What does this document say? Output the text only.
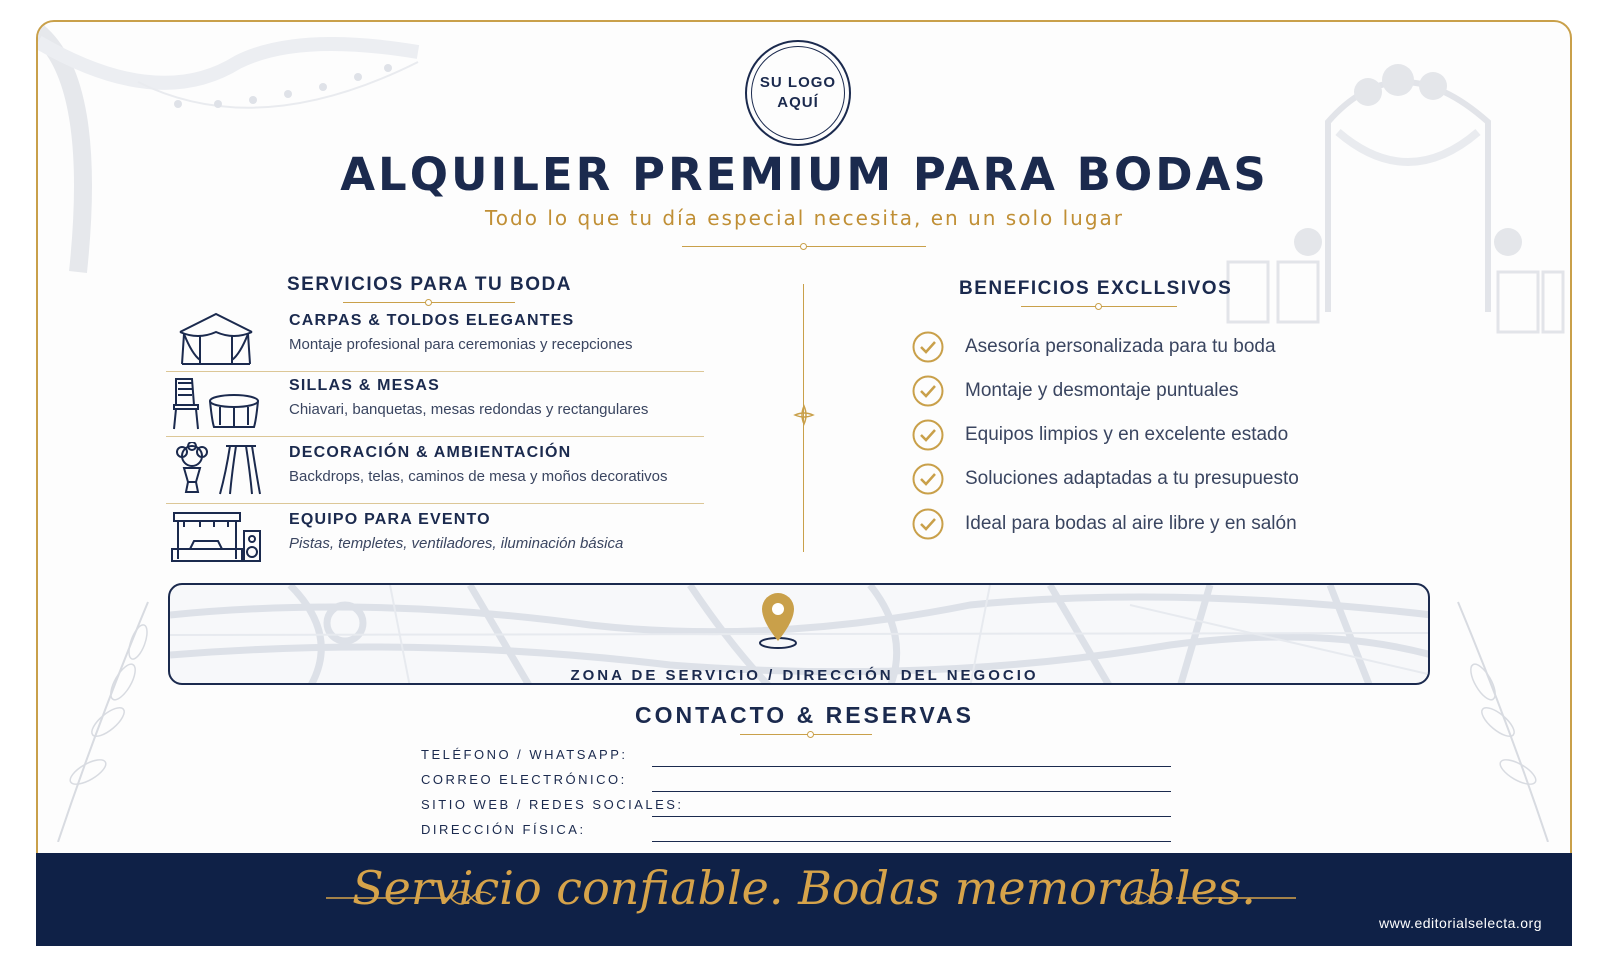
SU LOGO
AQUÍ
ALQUILER PREMIUM PARA BODAS
Todo lo que tu día especial necesita, en un solo lugar
SERVICIOS PARA TU BODA
CARPAS & TOLDOS ELEGANTES
Montaje profesional para ceremonias y recepciones
SILLAS & MESAS
Chiavari, banquetas, mesas redondas y rectangulares
DECORACIÓN & AMBIENTACIÓN
Backdrops, telas, caminos de mesa y moños decorativos
EQUIPO PARA EVENTO
Pistas, templetes, ventiladores, iluminación básica
BENEFICIOS EXCLLSIVOS
Asesoría personalizada para tu boda
Montaje y desmontaje puntuales
Equipos limpios y en excelente estado
Soluciones adaptadas a tu presupuesto
Ideal para bodas al aire libre y en salón
ZONA DE SERVICIO / DIRECCIÓN DEL NEGOCIO
CONTACTO & RESERVAS
TELÉFONO / WHATSAPP:
CORREO ELECTRÓNICO:
SITIO WEB / REDES SOCIALES:
DIRECCIÓN FÍSICA:
Servicio confiable. Bodas memorables.
www.editorialselecta.org
